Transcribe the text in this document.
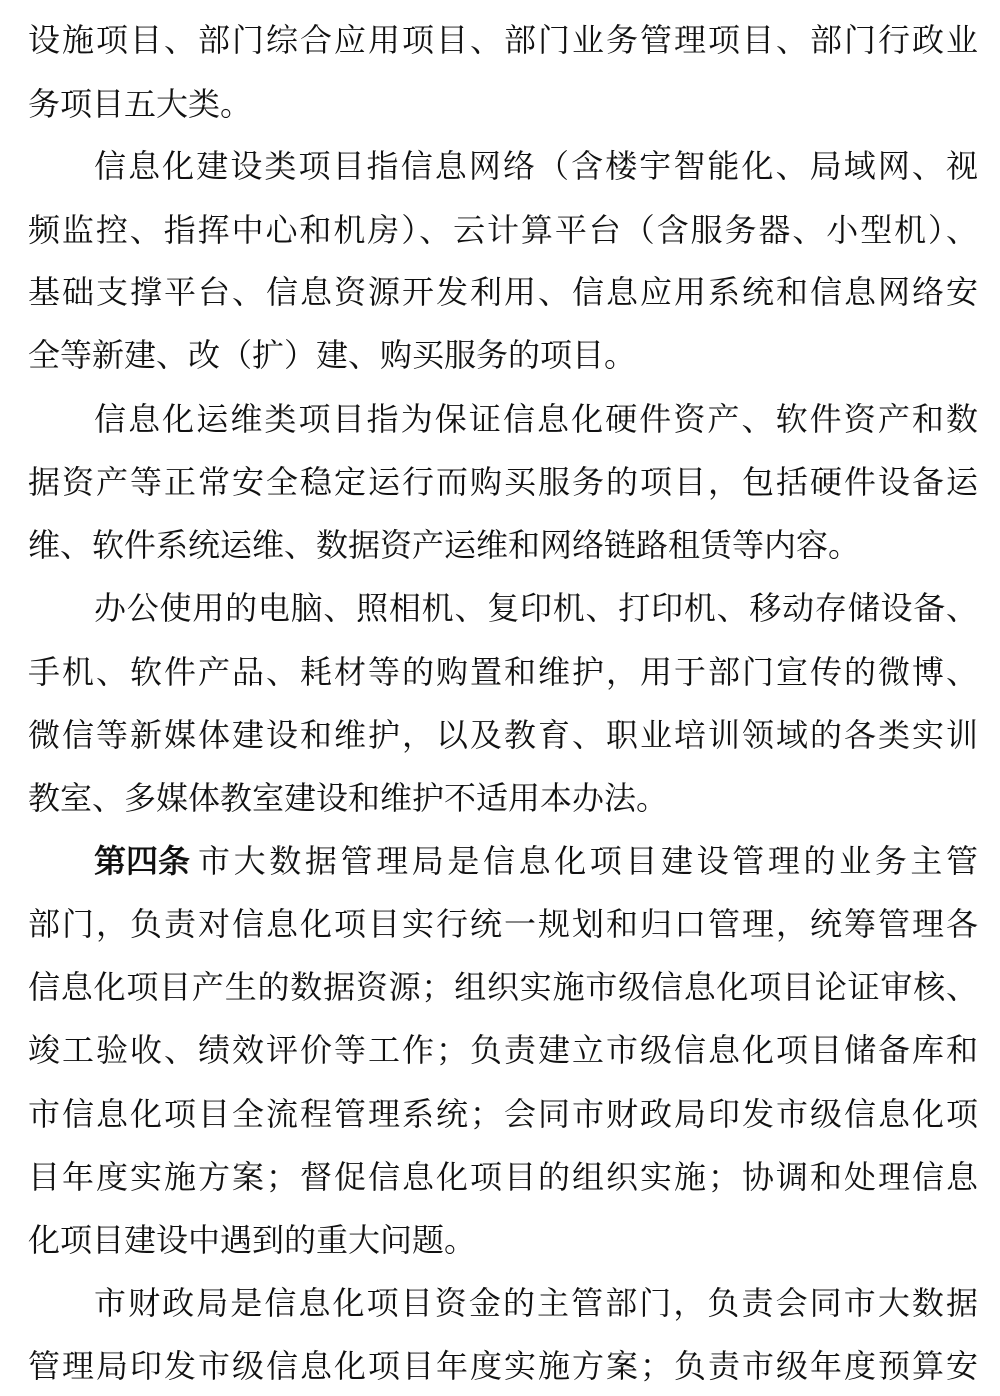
设施项目、部门综合应用项目、部门业务管理项目、部门行政业
务项目五大类。
信息化建设类项目指信息网络（含楼宇智能化、局域网、视
频监控、指挥中心和机房）、云计算平台（含服务器、小型机）、
基础支撑平台、信息资源开发利用、信息应用系统和信息网络安
全等新建、改（扩）建、购买服务的项目。
信息化运维类项目指为保证信息化硬件资产、软件资产和数
据资产等正常安全稳定运行而购买服务的项目，包括硬件设备运
维、软件系统运维、数据资产运维和网络链路租赁等内容。
办公使用的电脑、照相机、复印机、打印机、移动存储设备、
手机、软件产品、耗材等的购置和维护，用于部门宣传的微博、
微信等新媒体建设和维护，以及教育、职业培训领域的各类实训
教室、多媒体教室建设和维护不适用本办法。
第四条 市大数据管理局是信息化项目建设管理的业务主管
部门，负责对信息化项目实行统一规划和归口管理，统筹管理各
信息化项目产生的数据资源；组织实施市级信息化项目论证审核、
竣工验收、绩效评价等工作；负责建立市级信息化项目储备库和
市信息化项目全流程管理系统；会同市财政局印发市级信息化项
目年度实施方案；督促信息化项目的组织实施；协调和处理信息
化项目建设中遇到的重大问题。
市财政局是信息化项目资金的主管部门，负责会同市大数据
管理局印发市级信息化项目年度实施方案；负责市级年度预算安
